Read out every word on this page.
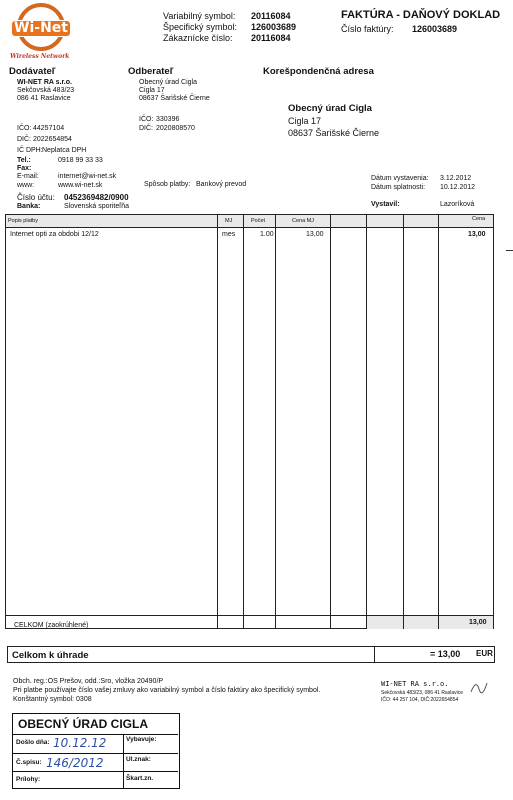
Wi-Net
Wireless Network
Variabilný symbol: 20116084
Špecifický symbol: 126003689
Zákaznícke číslo: 20116084
FAKTÚRA - DAŇOVÝ DOKLAD
Číslo faktúry: 126003689
Dodávateľ
WI-NET RA s.r.o.
Sekčovská 483/23
086 41 Raslavice
IČO: 44257104
DIČ: 2022654854
IČ DPH: Neplatca DPH
Tel.:	0918 99 33 33
Fax:
E-mail:	internet@wi-net.sk
www:	www.wi-net.sk
Číslo účtu: 0452369482/0900
Banka:	Slovenská sporiteľňa
Odberateľ
Obecný úrad Cigla
Cigla 17
08637 Šarišské Čierne
IČO: 330396
DIČ: 2020808570
Korešpondenčná adresa
Obecný úrad Cigla
Cigla 17
08637 Šarišské Čierne
Spôsob platby: Bankový prevod
Dátum vystavenia: 3.12.2012
Dátum splatnosti: 10.12.2012
Vystavil:	Lazoríková
Popis platby	MJ	Počet	Cena MJ	Cena
Internet opti za obdobi 12/12	mes	1.00	13,00	13,00
CELKOM (zaokrúhlené)	13,00
Celkom k úhrade	= 13,00 EUR
Obch. reg.:OS Prešov, odd.:Sro, vložka 20490/P
Pri platbe používajte číslo vašej zmluvy ako variabilný symbol a číslo faktúry ako špecifický symbol.
Konštantný symbol: 0308
WI-NET RA s.r.o.
Sekčovská 483/23, 086 41 Raslavice
IČO: 44 257 104, DIČ:2022654854
OBECNÝ ÚRAD CIGLA
Došlo dňa: 10.12.12	Vybavuje:
Č.spisu: 146/2012	Ul.znak:
Prílohy:	Škart.zn.
